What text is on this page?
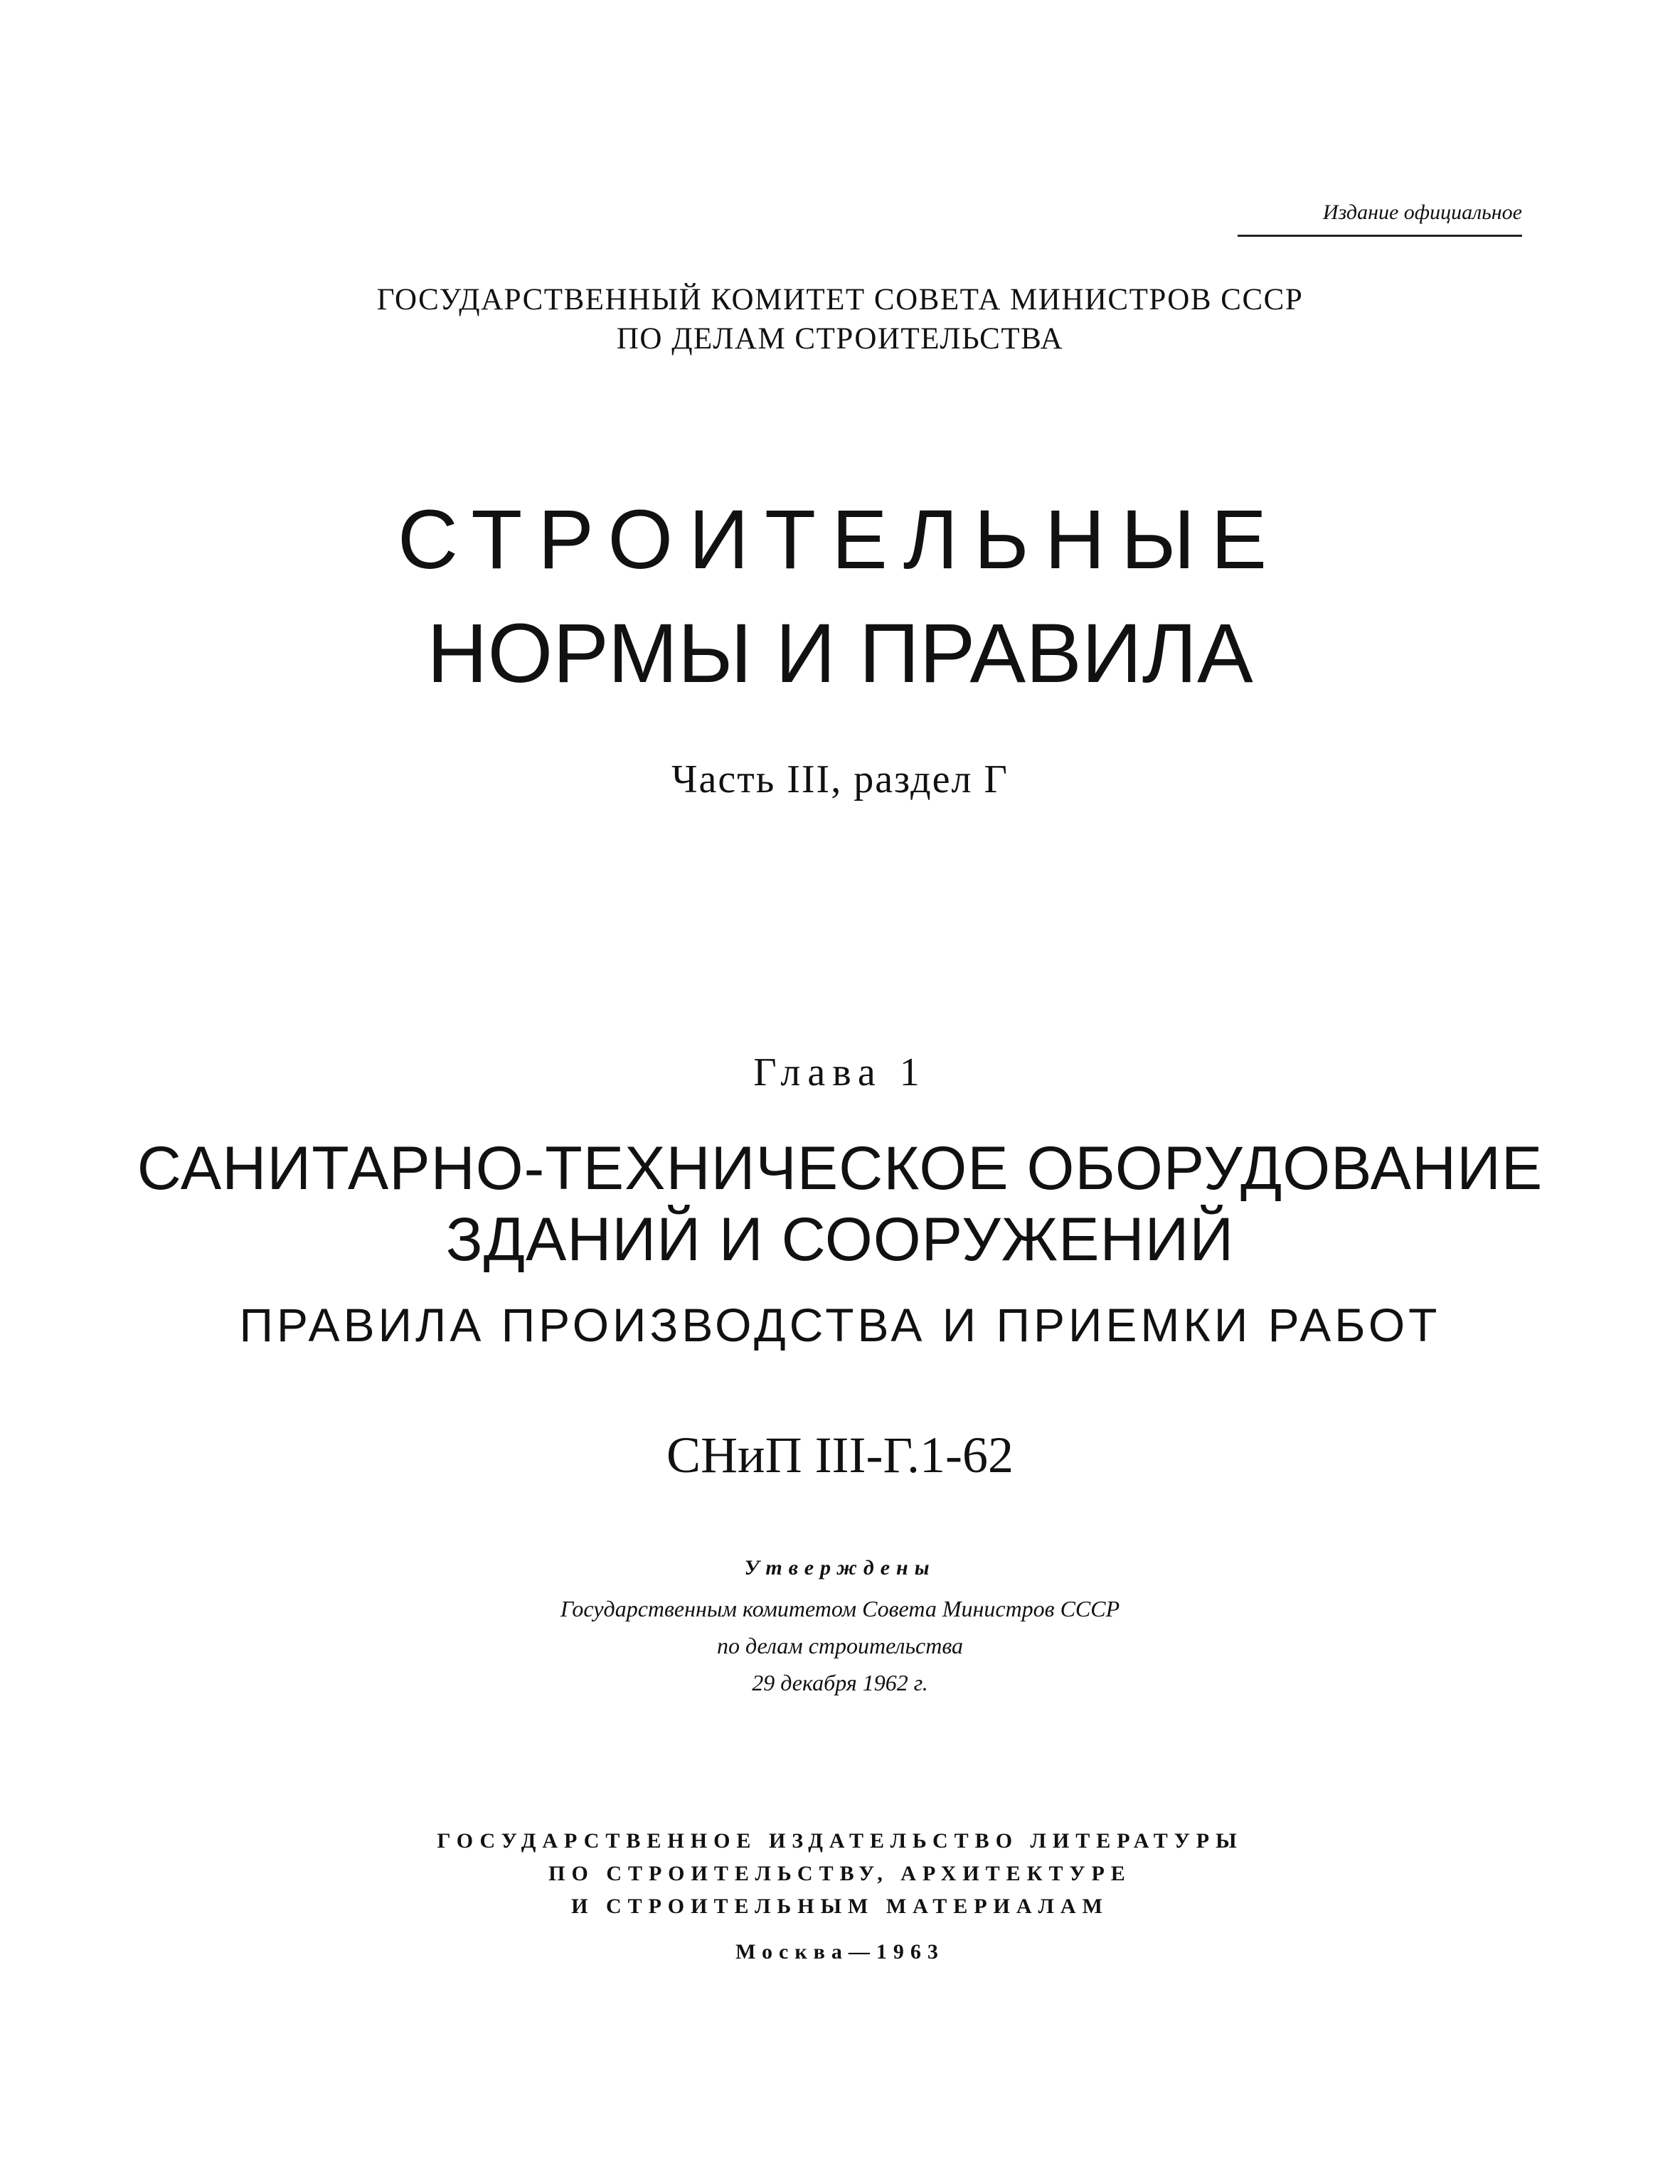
Издание официальное
ГОСУДАРСТВЕННЫЙ КОМИТЕТ СОВЕТА МИНИСТРОВ СССР
ПО ДЕЛАМ СТРОИТЕЛЬСТВА
СТРОИТЕЛЬНЫЕ
НОРМЫ И ПРАВИЛА
Часть III, раздел Г
Глава 1
САНИТАРНО-ТЕХНИЧЕСКОЕ ОБОРУДОВАНИЕ
ЗДАНИЙ И СООРУЖЕНИЙ
ПРАВИЛА ПРОИЗВОДСТВА И ПРИЕМКИ РАБОТ
СНиП III-Г.1-62
Утверждены
Государственным комитетом Совета Министров СССР
по делам строительства
29 декабря 1962 г.
ГОСУДАРСТВЕННОЕ ИЗДАТЕЛЬСТВО ЛИТЕРАТУРЫ
ПО СТРОИТЕЛЬСТВУ, АРХИТЕКТУРЕ
И СТРОИТЕЛЬНЫМ МАТЕРИАЛАМ
Москва—1963
